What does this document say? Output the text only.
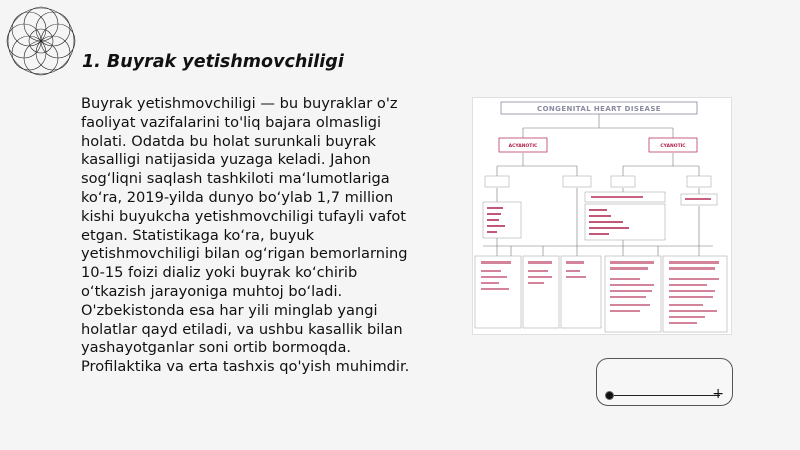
1. Buyrak yetishmovchiligi

Buyrak yetishmovchiligi — bu buyraklar o'z faoliyat vazifalarini to'liq bajara olmasligi holati. Odatda bu holat surunkali buyrak kasalligi natijasida yuzaga keladi. Jahon sog‘liqni saqlash tashkiloti ma‘lumotlariga ko‘ra, 2019-yilda dunyo bo‘ylab 1,7 million kishi buyukcha yetishmovchiligi tufayli vafot etgan. Statistikaga ko‘ra, buyuk yetishmovchiligi bilan og‘rigan bemorlarning 10-15 foizi dializ yoki buyrak ko‘chirib o‘tkazish jarayoniga muhtoj bo‘ladi. O'zbekistonda esa har yili minglab yangi holatlar qayd etiladi, va ushbu kasallik bilan yashayotganlar soni ortib bormoqda. Profilaktika va erta tashxis qo'yish muhimdir.

CONGENITAL HEART DISEASE
ACYANOTIC	CYANOTIC
+
